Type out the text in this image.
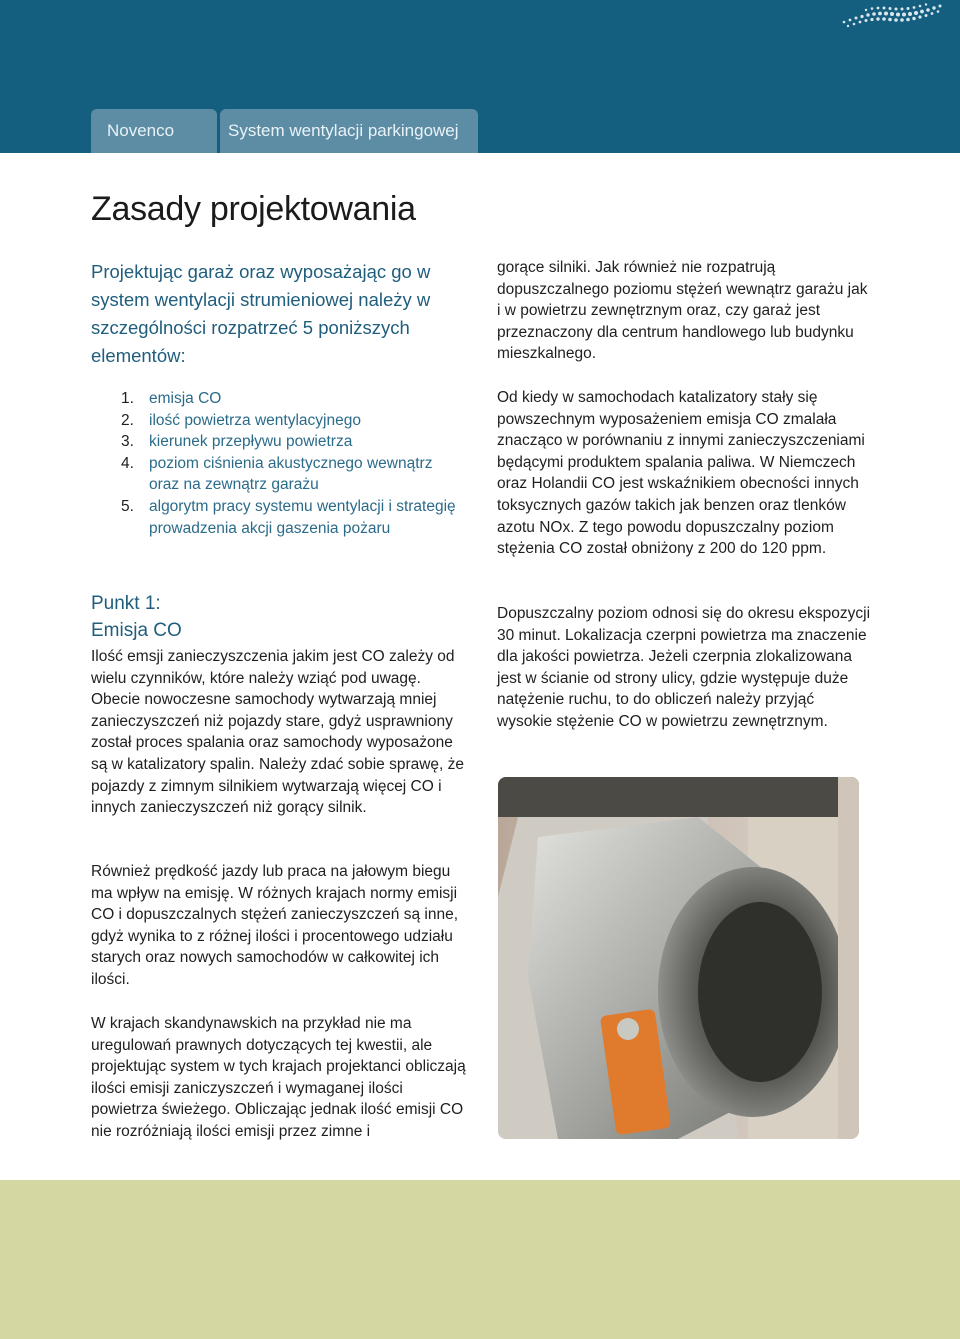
Novenco	System wentylacji parkingowej
Zasady projektowania

Projektując garaż oraz wyposażając go w system wentylacji strumieniowej należy w szczególności rozpatrzeć 5 poniższych elementów:

1. emisja CO
2. ilość powietrza wentylacyjnego
3. kierunek przepływu powietrza
4. poziom ciśnienia akustycznego wewnątrz oraz na zewnątrz garażu
5. algorytm pracy systemu wentylacji i strategię prowadzenia akcji gaszenia pożaru
Punkt 1:
Emisja CO

Ilość emsji zanieczyszczenia jakim jest CO zależy od wielu czynników, które należy wziąć pod uwagę. Obecie nowoczesne samochody wytwarzają mniej zanieczyszczeń niż pojazdy stare, gdyż usprawniony został proces spalania oraz samochody wyposażone są w katalizatory spalin. Należy zdać sobie sprawę, że pojazdy z zimnym silnikiem wytwarzają więcej CO i innych zanieczyszczeń niż gorący silnik.

Również prędkość jazdy lub praca na jałowym biegu ma wpływ na emisję. W różnych krajach normy emisji CO i dopuszczalnych stężeń zanieczyszczeń są inne, gdyż wynika to z różnej ilości i procentowego udziału starych oraz nowych samochodów w całkowitej ich ilości.

W krajach skandynawskich na przykład nie ma uregulowań prawnych dotyczących tej kwestii, ale projektując system w tych krajach projektanci obliczają ilości emisji zaniczyszczeń i wymaganej ilości powietrza świeżego. Obliczając jednak ilość emisji CO nie rozróżniają ilości emisji przez zimne i

gorące silniki. Jak również nie rozpatrują dopuszczalnego poziomu stężeń wewnątrz garażu jak i w powietrzu zewnętrznym oraz, czy garaż jest przeznaczony dla centrum handlowego lub budynku mieszkalnego.

Od kiedy w samochodach katalizatory stały się powszechnym wyposażeniem emisja CO zmalała znacząco w porównaniu z innymi zanieczyszczeniami będącymi produktem spalania paliwa. W Niemczech oraz Holandii CO jest wskaźnikiem obecności innych toksycznych gazów takich jak benzen oraz tlenków azotu NOx. Z tego powodu dopuszczalny poziom stężenia CO został obniżony z 200 do 120 ppm.

Dopuszczalny poziom odnosi się do okresu ekspozycji 30 minut. Lokalizacja czerpni powietrza ma znaczenie dla jakości powietrza. Jeżeli czerpnia zlokalizowana jest w ścianie od strony ulicy, gdzie występuje duże natężenie ruchu, to do obliczeń należy przyjąć wysokie stężenie CO w powietrzu zewnętrznym.
